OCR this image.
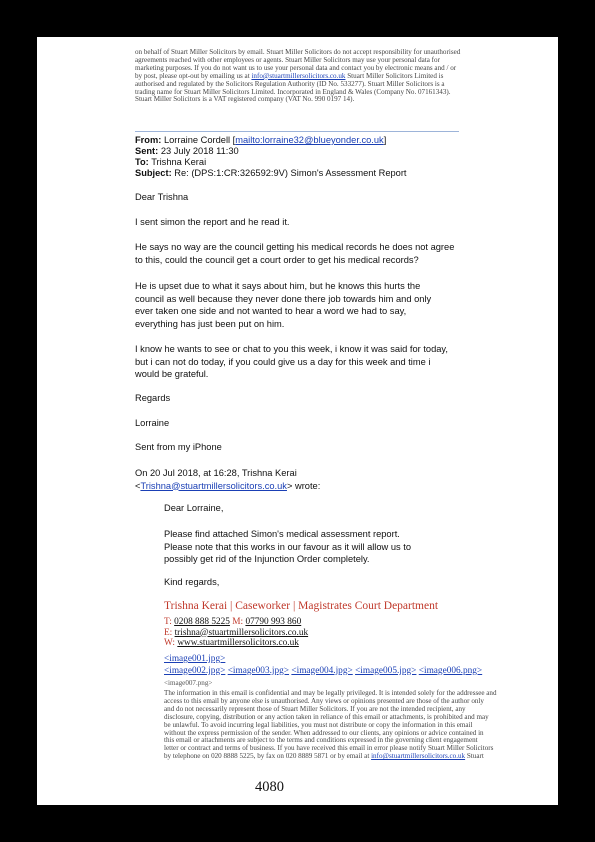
on behalf of Stuart Miller Solicitors by email. Stuart Miller Solicitors do not accept responsibility for unauthorised
agreements reached with other employees or agents. Stuart Miller Solicitors may use your personal data for
marketing purposes. If you do not want us to use your personal data and contact you by electronic means and / or
by post, please opt-out by emailing us at info@stuartmillersolicitors.co.uk Stuart Miller Solicitors Limited is
authorised and regulated by the Solicitors Regulation Authority (ID No. 533277). Stuart Miller Solicitors is a
trading name for Stuart Miller Solicitors Limited. Incorporated in England & Wales (Company No. 07161343).
Stuart Miller Solicitors is a VAT registered company (VAT No. 990 0197 14).
From: Lorraine Cordell [mailto:lorraine32@blueyonder.co.uk]
Sent: 23 July 2018 11:30
To: Trishna Kerai
Subject: Re: (DPS:1:CR:326592:9V) Simon's Assessment Report
Dear Trishna
I sent simon the report and he read it.
He says no way are the council getting his medical records he does not agree
to this, could the council get a court order to get his medical records?
He is upset due to what it says about him, but he knows this hurts the
council as well because they never done there job towards him and only
ever taken one side and not wanted to hear a word we had to say,
everything has just been put on him.
I know he wants to see or chat to you this week, i know it was said for today,
but i can not do today, if you could give us a day for this week and time i
would be grateful.
Regards
Lorraine
Sent from my iPhone
On 20 Jul 2018, at 16:28, Trishna Kerai
<Trishna@stuartmillersolicitors.co.uk> wrote:
Dear Lorraine,
Please find attached Simon's medical assessment report.
Please note that this works in our favour as it will allow us to
possibly get rid of the Injunction Order completely.
Kind regards,
Trishna Kerai | Caseworker | Magistrates Court Department
T: 0208 888 5225 M: 07790 993 860
E: trishna@stuartmillersolicitors.co.uk
W: www.stuartmillersolicitors.co.uk
<image001.jpg>
<image002.jpg> <image003.jpg> <image004.jpg> <image005.jpg> <image006.png>
<image007.png>
The information in this email is confidential and may be legally privileged. It is intended solely for the addressee and
access to this email by anyone else is unauthorised. Any views or opinions presented are those of the author only
and do not necessarily represent those of Stuart Miller Solicitors. If you are not the intended recipient, any
disclosure, copying, distribution or any action taken in reliance of this email or attachments, is prohibited and may
be unlawful. To avoid incurring legal liabilities, you must not distribute or copy the information in this email
without the express permission of the sender. When addressed to our clients, any opinions or advice contained in
this email or attachments are subject to the terms and conditions expressed in the governing client engagement
letter or contract and terms of business. If you have received this email in error please notify Stuart Miller Solicitors
by telephone on 020 8888 5225, by fax on 020 8889 5871 or by email at info@stuartmillersolicitors.co.uk Stuart
4080
